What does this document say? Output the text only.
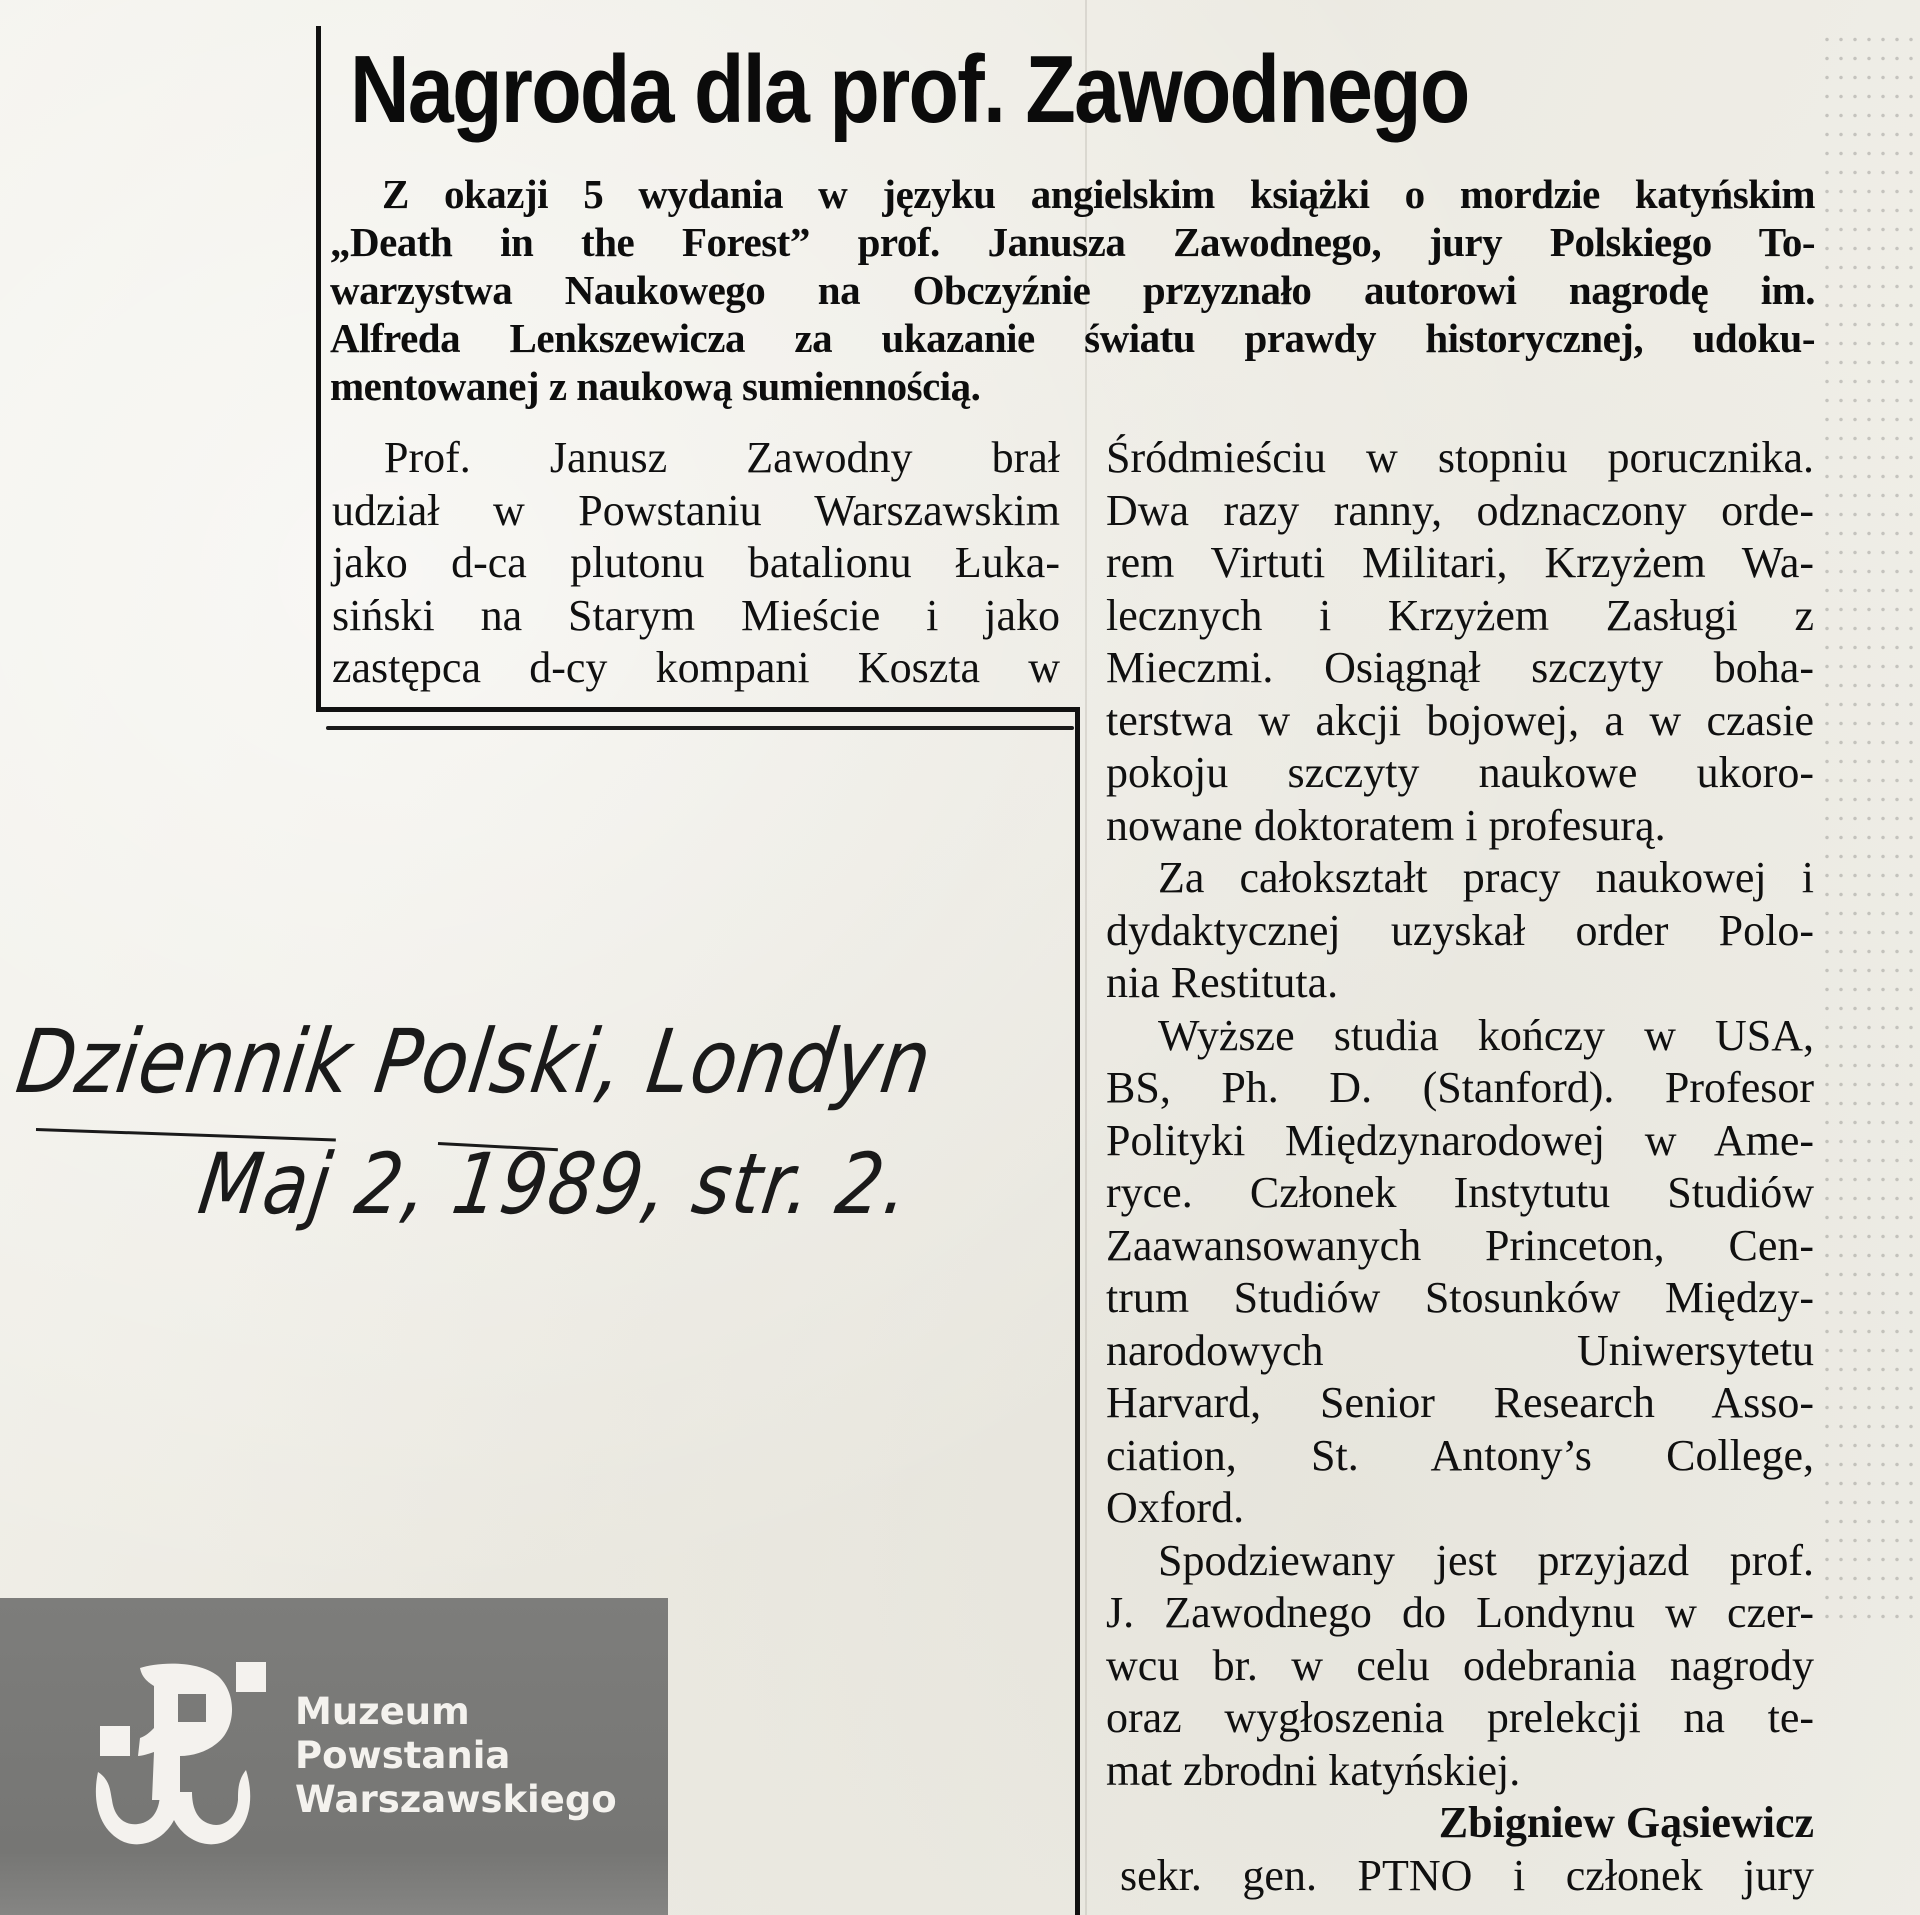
Nagroda dla prof. Zawodnego
Z okazji 5 wydania w języku angielskim książki o mordzie katyńskim
„Death in the Forest” prof. Janusza Zawodnego, jury Polskiego To-
warzystwa Naukowego na Obczyźnie przyznało autorowi nagrodę im.
Alfreda Lenkszewicza za ukazanie światu prawdy historycznej, udoku-
mentowanej z naukową sumiennością.
Prof. Janusz Zawodny brał
udział w Powstaniu Warszawskim
jako d-ca plutonu batalionu Łuka-
siński na Starym Mieście i jako
zastępca d-cy kompani Koszta w
Śródmieściu w stopniu porucznika.
Dwa razy ranny, odznaczony orde-
rem Virtuti Militari, Krzyżem Wa-
lecznych i Krzyżem Zasługi z
Mieczmi. Osiągnął szczyty boha-
terstwa w akcji bojowej, a w czasie
pokoju szczyty naukowe ukoro-
nowane doktoratem i profesurą.
Za całokształt pracy naukowej i
dydaktycznej uzyskał order Polo-
nia Restituta.
Wyższe studia kończy w USA,
BS, Ph. D. (Stanford). Profesor
Polityki Międzynarodowej w Ame-
ryce. Członek Instytutu Studiów
Zaawansowanych Princeton, Cen-
trum Studiów Stosunków Między-
narodowych Uniwersytetu
Harvard, Senior Research Asso-
ciation, St. Antony’s College,
Oxford.
Spodziewany jest przyjazd prof.
J. Zawodnego do Londynu w czer-
wcu br. w celu odebrania nagrody
oraz wygłoszenia prelekcji na te-
mat zbrodni katyńskiej.
Zbigniew Gąsiewicz
sekr. gen. PTNO i członek jury
Dziennik Polski, Londyn
Maj 2, 1989, str. 2.
Muzeum
Powstania
Warszawskiego
